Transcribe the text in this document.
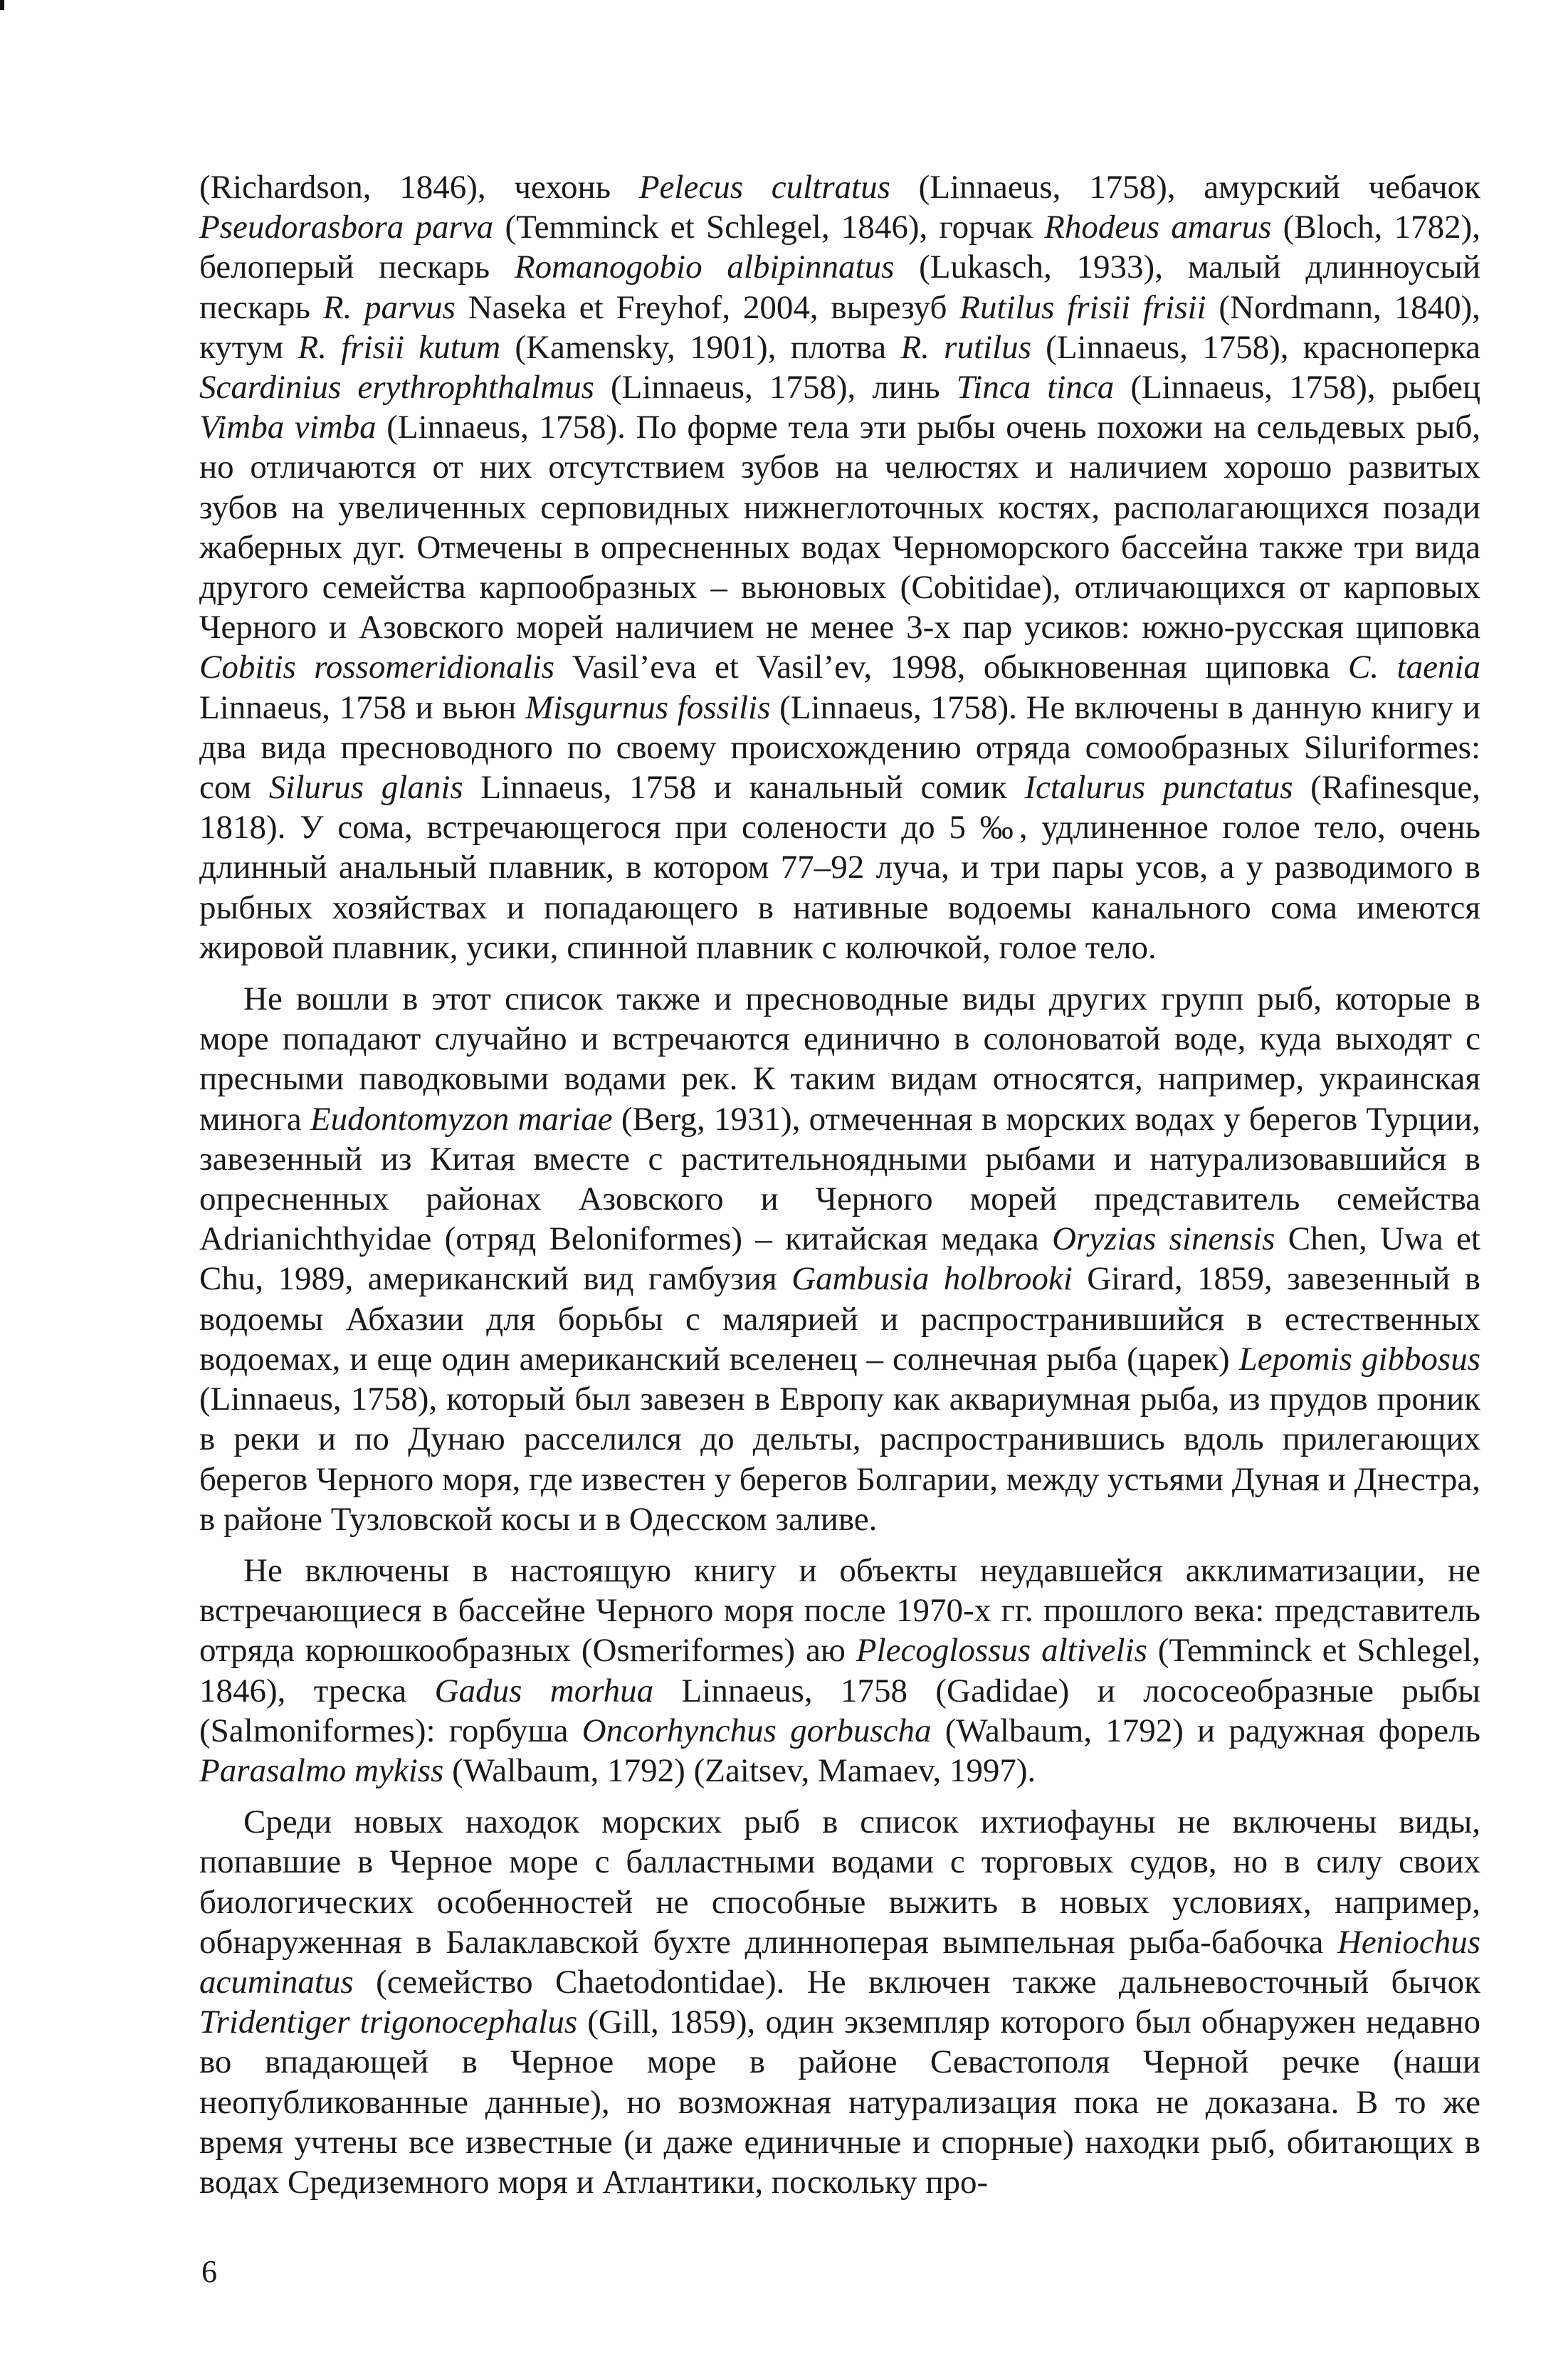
(Richardson, 1846), чехонь Pelecus cultratus (Linnaeus, 1758), амурский чебачок Pseudorasbora parva (Temminck et Schlegel, 1846), горчак Rhodeus amarus (Bloch, 1782), белоперый пескарь Romanogobio albipinnatus (Lukasch, 1933), малый длинноусый пескарь R. parvus Naseka et Freyhof, 2004, вырезуб Rutilus frisii frisii (Nordmann, 1840), кутум R. frisii kutum (Kamensky, 1901), плотва R. rutilus (Linnaeus, 1758), красноперка Scardinius erythrophthalmus (Linnaeus, 1758), линь Tinca tinca (Linnaeus, 1758), рыбец Vimba vimba (Linnaeus, 1758). По форме тела эти рыбы очень похожи на сельдевых рыб, но отличаются от них отсутствием зубов на челюстях и наличием хорошо развитых зубов на увеличенных серповидных нижнеглоточных костях, располагающихся позади жаберных дуг. Отмечены в опресненных водах Черноморского бассейна также три вида другого семейства карпообразных – вьюновых (Cobitidae), отличающихся от карповых Черного и Азовского морей наличием не менее 3-х пар усиков: южно-русская щиповка Cobitis rossomeridionalis Vasil’eva et Vasil’ev, 1998, обыкновенная щиповка C. taenia Linnaeus, 1758 и вьюн Misgurnus fossilis (Linnaeus, 1758). Не включены в данную книгу и два вида пресноводного по своему происхождению отряда сомообразных Siluriformes: сом Silurus glanis Linnaeus, 1758 и канальный сомик Ictalurus punctatus (Rafinesque, 1818). У сома, встречающегося при солености до 5 ‰, удлиненное голое тело, очень длинный анальный плавник, в котором 77–92 луча, и три пары усов, а у разводимого в рыбных хозяйствах и попадающего в нативные водоемы канального сома имеются жировой плавник, усики, спинной плавник с колючкой, голое тело.

Не вошли в этот список также и пресноводные виды других групп рыб, которые в море попадают случайно и встречаются единично в солоноватой воде, куда выходят с пресными паводковыми водами рек. К таким видам относятся, например, украинская минога Eudontomyzon mariae (Berg, 1931), отмеченная в морских водах у берегов Турции, завезенный из Китая вместе с растительноядными рыбами и натурализовавшийся в опресненных районах Азовского и Черного морей представитель семейства Adrianichthyidae (отряд Beloniformes) – китайская медака Oryzias sinensis Chen, Uwa et Chu, 1989, американский вид гамбузия Gambusia holbrooki Girard, 1859, завезенный в водоемы Абхазии для борьбы с малярией и распространившийся в естественных водоемах, и еще один американский вселенец – солнечная рыба (царек) Lepomis gibbosus (Linnaeus, 1758), который был завезен в Европу как аквариумная рыба, из прудов проник в реки и по Дунаю расселился до дельты, распространившись вдоль прилегающих берегов Черного моря, где известен у берегов Болгарии, между устьями Дуная и Днестра, в районе Тузловской косы и в Одесском заливе.

Не включены в настоящую книгу и объекты неудавшейся акклиматизации, не встречающиеся в бассейне Черного моря после 1970-х гг. прошлого века: представитель отряда корюшкообразных (Osmeriformes) аю Plecoglossus altivelis (Temminck et Schlegel, 1846), треска Gadus morhua Linnaeus, 1758 (Gadidae) и лососеобразные рыбы (Salmoniformes): горбуша Oncorhynchus gorbuscha (Walbaum, 1792) и радужная форель Parasalmo mykiss (Walbaum, 1792) (Zaitsev, Mamaev, 1997).

Среди новых находок морских рыб в список ихтиофауны не включены виды, попавшие в Черное море с балластными водами с торговых судов, но в силу своих биологических особенностей не способные выжить в новых условиях, например, обнаруженная в Балаклавской бухте длинноперая вымпельная рыба-бабочка Heniochus acuminatus (семейство Chaetodontidae). Не включен также дальневосточный бычок Tridentiger trigonocephalus (Gill, 1859), один экземпляр которого был обнаружен недавно во впадающей в Черное море в районе Севастополя Черной речке (наши неопубликованные данные), но возможная натурализация пока не доказана. В то же время учтены все известные (и даже единичные и спорные) находки рыб, обитающих в водах Средиземного моря и Атлантики, поскольку про-

6
